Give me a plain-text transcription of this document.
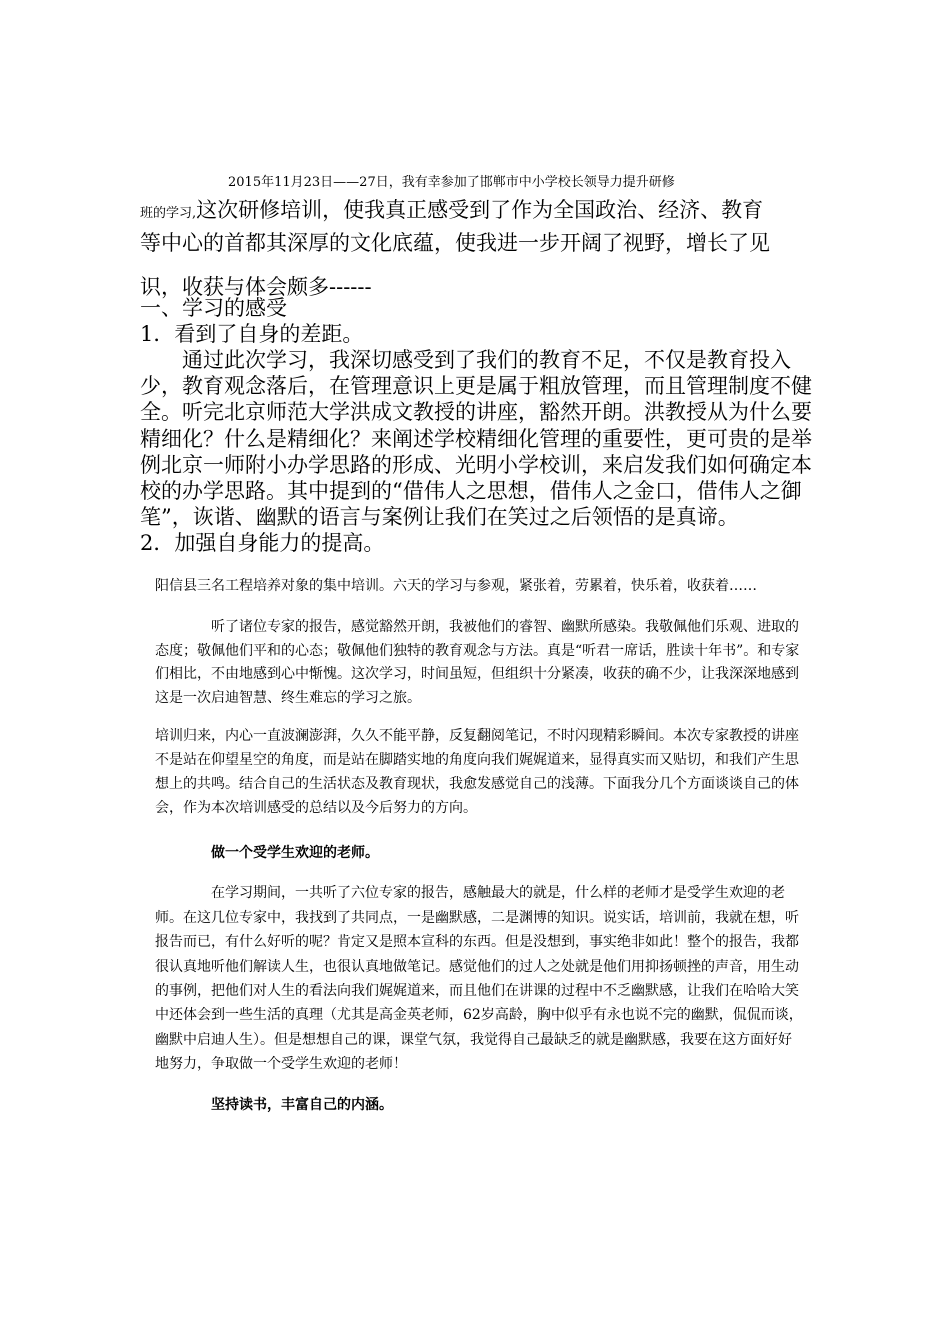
2015年11月23日——27日，我有幸参加了邯郸市中小学校长领导力提升研修
班的学习,这次研修培训，使我真正感受到了作为全国政治、经济、教育
等中心的首都其深厚的文化底蕴，使我进一步开阔了视野，增长了见
识，收获与体会颇多------
一、学习的感受
1．看到了自身的差距。
通过此次学习，我深切感受到了我们的教育不足，不仅是教育投入少，教育观念落后，在管理意识上更是属于粗放管理，而且管理制度不健全。听完北京师范大学洪成文教授的讲座，豁然开朗。洪教授从为什么要精细化？什么是精细化？来阐述学校精细化管理的重要性，更可贵的是举例北京一师附小办学思路的形成、光明小学校训，来启发我们如何确定本校的办学思路。其中提到的“借伟人之思想，借伟人之金口，借伟人之御笔”，诙谐、幽默的语言与案例让我们在笑过之后领悟的是真谛。
2．加强自身能力的提高。
阳信县三名工程培养对象的集中培训。六天的学习与参观，紧张着，劳累着，快乐着，收获着……
听了诸位专家的报告，感觉豁然开朗，我被他们的睿智、幽默所感染。我敬佩他们乐观、进取的态度；敬佩他们平和的心态；敬佩他们独特的教育观念与方法。真是“听君一席话，胜读十年书”。和专家们相比，不由地感到心中惭愧。这次学习，时间虽短，但组织十分紧凑，收获的确不少，让我深深地感到这是一次启迪智慧、终生难忘的学习之旅。
培训归来，内心一直波澜澎湃，久久不能平静，反复翻阅笔记，不时闪现精彩瞬间。本次专家教授的讲座不是站在仰望星空的角度，而是站在脚踏实地的角度向我们娓娓道来，显得真实而又贴切，和我们产生思想上的共鸣。结合自己的生活状态及教育现状，我愈发感觉自己的浅薄。下面我分几个方面谈谈自己的体会，作为本次培训感受的总结以及今后努力的方向。
做一个受学生欢迎的老师。
在学习期间，一共听了六位专家的报告，感触最大的就是，什么样的老师才是受学生欢迎的老师。在这几位专家中，我找到了共同点，一是幽默感，二是渊博的知识。说实话，培训前，我就在想，听报告而已，有什么好听的呢？肯定又是照本宣科的东西。但是没想到，事实绝非如此！整个的报告，我都很认真地听他们解读人生，也很认真地做笔记。感觉他们的过人之处就是他们用抑扬顿挫的声音，用生动的事例，把他们对人生的看法向我们娓娓道来，而且他们在讲课的过程中不乏幽默感，让我们在哈哈大笑中还体会到一些生活的真理（尤其是高金英老师，62岁高龄，胸中似乎有永也说不完的幽默，侃侃而谈，幽默中启迪人生）。但是想想自己的课，课堂气氛，我觉得自己最缺乏的就是幽默感，我要在这方面好好地努力，争取做一个受学生欢迎的老师！
坚持读书，丰富自己的内涵。
